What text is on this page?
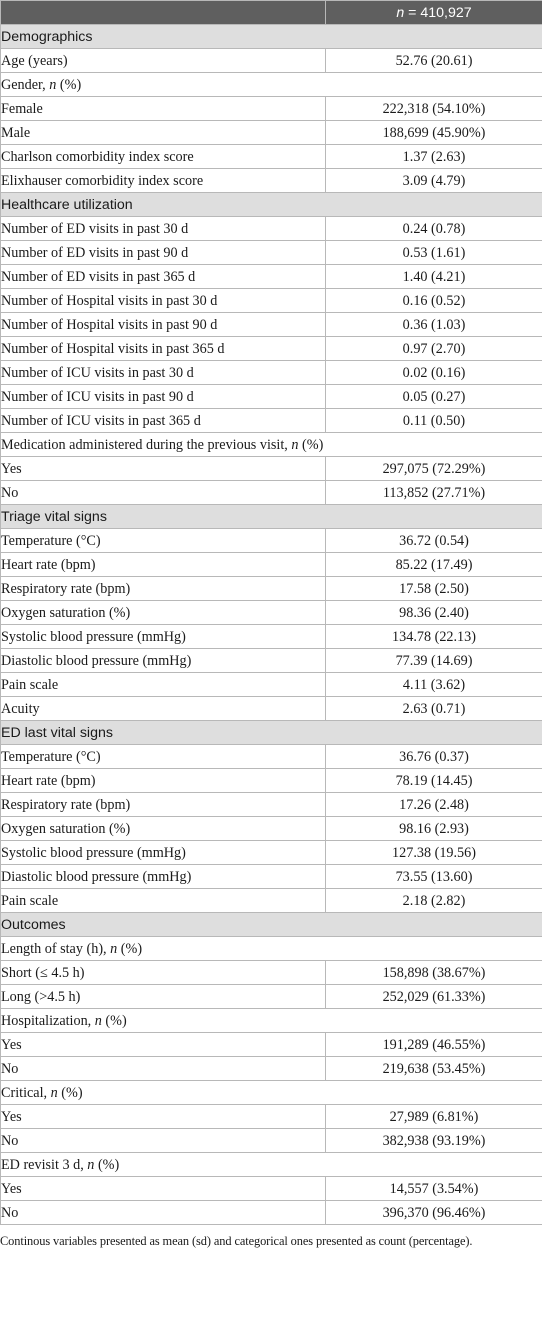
	n = 410,927
Demographics	
Age (years)	52.76 (20.61)
Gender, n (%)	
Female	222,318 (54.10%)
Male	188,699 (45.90%)
Charlson comorbidity index score	1.37 (2.63)
Elixhauser comorbidity index score	3.09 (4.79)
Healthcare utilization	
Number of ED visits in past 30 d	0.24 (0.78)
Number of ED visits in past 90 d	0.53 (1.61)
Number of ED visits in past 365 d	1.40 (4.21)
Number of Hospital visits in past 30 d	0.16 (0.52)
Number of Hospital visits in past 90 d	0.36 (1.03)
Number of Hospital visits in past 365 d	0.97 (2.70)
Number of ICU visits in past 30 d	0.02 (0.16)
Number of ICU visits in past 90 d	0.05 (0.27)
Number of ICU visits in past 365 d	0.11 (0.50)
Medication administered during the previous visit, n (%)	
Yes	297,075 (72.29%)
No	113,852 (27.71%)
Triage vital signs	
Temperature (°C)	36.72 (0.54)
Heart rate (bpm)	85.22 (17.49)
Respiratory rate (bpm)	17.58 (2.50)
Oxygen saturation (%)	98.36 (2.40)
Systolic blood pressure (mmHg)	134.78 (22.13)
Diastolic blood pressure (mmHg)	77.39 (14.69)
Pain scale	4.11 (3.62)
Acuity	2.63 (0.71)
ED last vital signs	
Temperature (°C)	36.76 (0.37)
Heart rate (bpm)	78.19 (14.45)
Respiratory rate (bpm)	17.26 (2.48)
Oxygen saturation (%)	98.16 (2.93)
Systolic blood pressure (mmHg)	127.38 (19.56)
Diastolic blood pressure (mmHg)	73.55 (13.60)
Pain scale	2.18 (2.82)
Outcomes	
Length of stay (h), n (%)	
Short (≤ 4.5 h)	158,898 (38.67%)
Long (>4.5 h)	252,029 (61.33%)
Hospitalization, n (%)	
Yes	191,289 (46.55%)
No	219,638 (53.45%)
Critical, n (%)	
Yes	27,989 (6.81%)
No	382,938 (93.19%)
ED revisit 3 d, n (%)	
Yes	14,557 (3.54%)
No	396,370 (96.46%)
Continous variables presented as mean (sd) and categorical ones presented as count (percentage).
